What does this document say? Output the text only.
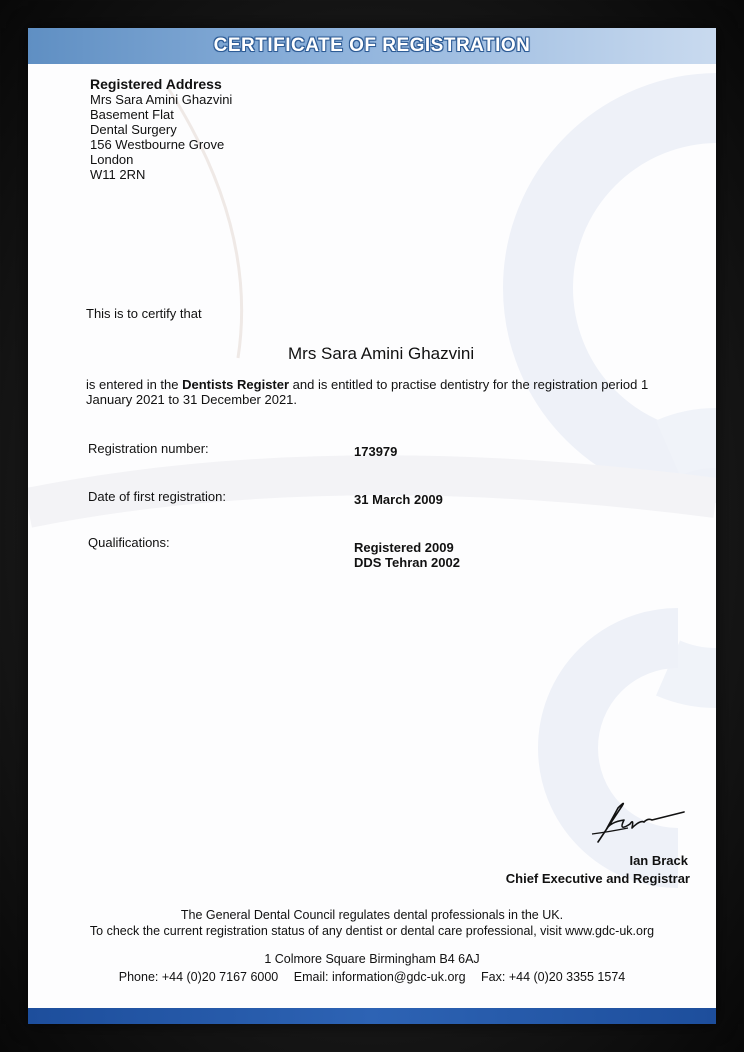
CERTIFICATE OF REGISTRATION
Registered Address
Mrs Sara Amini Ghazvini
Basement Flat
Dental Surgery
156 Westbourne Grove
London
W11 2RN
This is to certify that
Mrs Sara Amini Ghazvini
is entered in the Dentists Register and is entitled to practise dentistry for the registration period 1 January 2021 to 31 December 2021.
Registration number:	173979
Date of first registration:	31 March 2009
Qualifications:	Registered 2009
DDS Tehran 2002
Ian Brack
Chief Executive and Registrar
The General Dental Council regulates dental professionals in the UK.
To check the current registration status of any dentist or dental care professional, visit www.gdc-uk.org
1 Colmore Square Birmingham B4 6AJ
Phone: +44 (0)20 7167 6000 Email: information@gdc-uk.org Fax: +44 (0)20 3355 1574
